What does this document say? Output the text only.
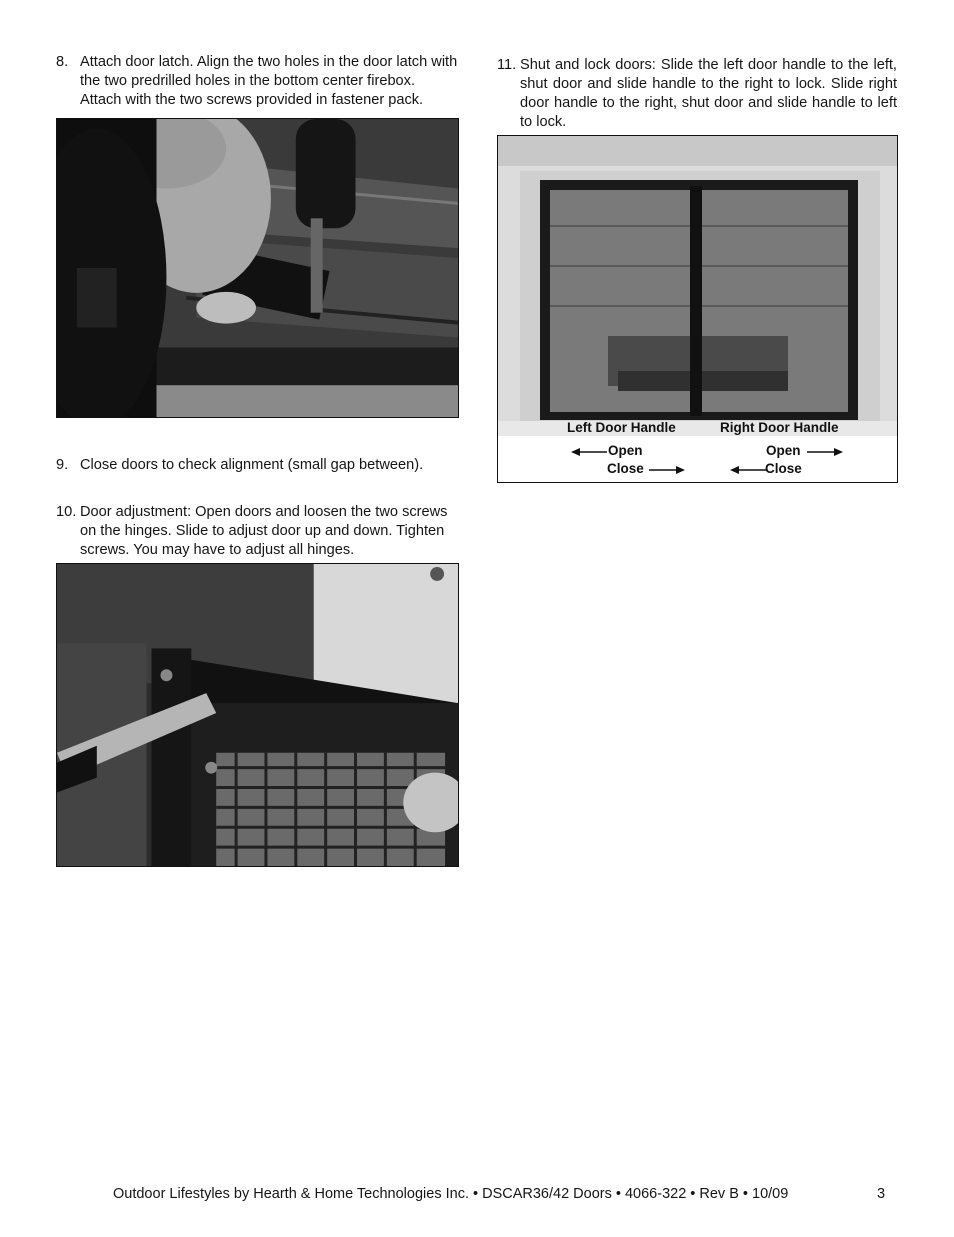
8. Attach door latch. Align the two holes in the door latch with the two predrilled holes in the bottom center firebox. Attach with the two screws provided in fastener pack.
9. Close doors to check alignment (small gap between).
10. Door adjustment: Open doors and loosen the two screws on the hinges. Slide to adjust door up and down. Tighten screws. You may have to adjust all hinges.
11. Shut and lock doors: Slide the left door handle to the left, shut door and slide handle to the right to lock. Slide right door handle to the right, shut door and slide handle to left to lock.
Left Door Handle	Right Door Handle
Open
Close
Open
Close
Outdoor Lifestyles by Hearth & Home Technologies Inc. • DSCAR36/42 Doors • 4066-322 • Rev B • 10/09	3
